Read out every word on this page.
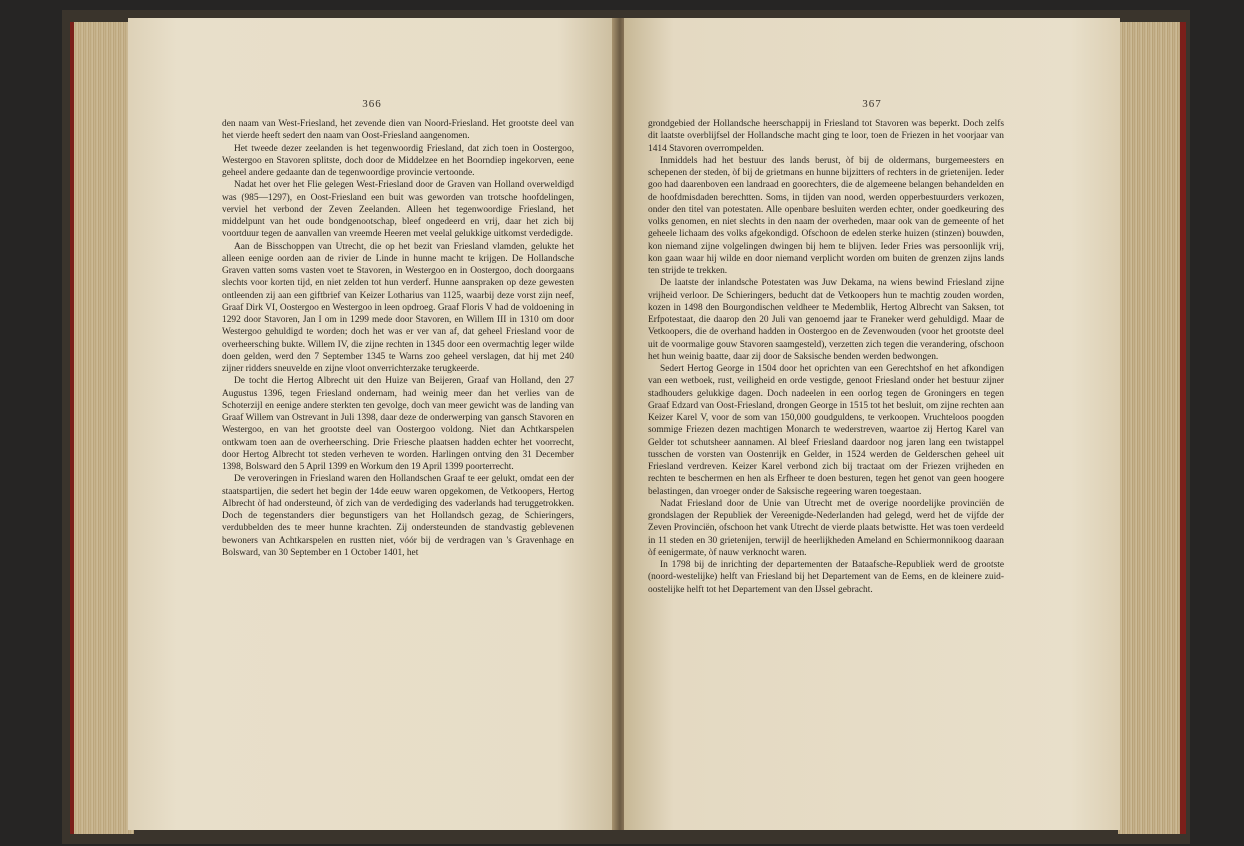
366

den naam van West-Friesland, het zevende dien van Noord-Friesland. Het grootste deel van het vierde heeft sedert den naam van Oost-Friesland aangenomen.

Het tweede dezer zeelanden is het tegenwoordig Friesland, dat zich toen in Oostergoo, Westergoo en Stavoren splitste, doch door de Middelzee en het Boorndiep ingekorven, eene geheel andere gedaante dan de tegenwoordige provincie vertoonde.

Nadat het over het Flie gelegen West-Friesland door de Graven van Holland overweldigd was (985—1297), en Oost-Friesland een buit was geworden van trotsche hoofdelingen, verviel het verbond der Zeven Zeelanden. Alleen het tegenwoordige Friesland, het middelpunt van het oude bondgenootschap, bleef ongedeerd en vrij, daar het zich bij voortduur tegen de aanvallen van vreemde Heeren met veelal gelukkige uitkomst verdedigde.

Aan de Bisschoppen van Utrecht, die op het bezit van Friesland vlamden, gelukte het alleen eenige oorden aan de rivier de Linde in hunne macht te krijgen. De Hollandsche Graven vatten soms vasten voet te Stavoren, in Westergoo en in Oostergoo, doch doorgaans slechts voor korten tijd, en niet zelden tot hun verderf. Hunne aanspraken op deze gewesten ontleenden zij aan een giftbrief van Keizer Lotharius van 1125, waarbij deze vorst zijn neef, Graaf Dirk VI, Oostergoo en Westergoo in leen opdroeg. Graaf Floris V had de voldoening in 1292 door Stavoren, Jan I om in 1299 mede door Stavoren, en Willem III in 1310 om door Westergoo gehuldigd te worden; doch het was er ver van af, dat geheel Friesland voor de overheersching bukte. Willem IV, die zijne rechten in 1345 door een overmachtig leger wilde doen gelden, werd den 7 September 1345 te Warns zoo geheel verslagen, dat hij met 240 zijner ridders sneuvelde en zijne vloot onverrichterzake terugkeerde.

De tocht die Hertog Albrecht uit den Huize van Beijeren, Graaf van Holland, den 27 Augustus 1396, tegen Friesland ondernam, had weinig meer dan het verlies van de Schoterzijl en eenige andere sterkten ten gevolge, doch van meer gewicht was de landing van Graaf Willem van Ostrevant in Juli 1398, daar deze de onderwerping van gansch Stavoren en Westergoo, en van het grootste deel van Oostergoo voldong. Niet dan Achtkarspelen ontkwam toen aan de overheersching. Drie Friesche plaatsen hadden echter het voorrecht, door Hertog Albrecht tot steden verheven te worden. Harlingen ontving den 31 December 1398, Bolsward den 5 April 1399 en Workum den 19 April 1399 poorterrecht.

De veroveringen in Friesland waren den Hollandschen Graaf te eer gelukt, omdat een der staatspartijen, die sedert het begin der 14de eeuw waren opgekomen, de Vetkoopers, Hertog Albrecht òf had ondersteund, òf zich van de verdediging des vaderlands had teruggetrokken. Doch de tegenstanders dier begunstigers van het Hollandsch gezag, de Schieringers, verdubbelden des te meer hunne krachten. Zij ondersteunden de standvastig geblevenen bewoners van Achtkarspelen en rustten niet, vóór bij de verdragen van 's Gravenhage en Bolsward, van 30 September en 1 October 1401, het

367

grondgebied der Hollandsche heerschappij in Friesland tot Stavoren was beperkt. Doch zelfs dit laatste overblijfsel der Hollandsche macht ging te loor, toen de Friezen in het voorjaar van 1414 Stavoren overrompelden.

Inmiddels had het bestuur des lands berust, òf bij de oldermans, burgemeesters en schepenen der steden, òf bij de grietmans en hunne bijzitters of rechters in de grietenijen. Ieder goo had daarenboven een landraad en goorechters, die de algemeene belangen behandelden en de hoofdmisdaden berechtten. Soms, in tijden van nood, werden opperbestuurders verkozen, onder den titel van potestaten. Alle openbare besluiten werden echter, onder goedkeuring des volks genomen, en niet slechts in den naam der overheden, maar ook van de gemeente of het geheele lichaam des volks afgekondigd. Ofschoon de edelen sterke huizen (stinzen) bouwden, kon niemand zijne volgelingen dwingen bij hem te blijven. Ieder Fries was persoonlijk vrij, kon gaan waar hij wilde en door niemand verplicht worden om buiten de grenzen zijns lands ten strijde te trekken.

De laatste der inlandsche Potestaten was Juw Dekama, na wiens bewind Friesland zijne vrijheid verloor. De Schieringers, beducht dat de Vetkoopers hun te machtig zouden worden, kozen in 1498 den Bourgondischen veldheer te Medemblik, Hertog Albrecht van Saksen, tot Erfpotestaat, die daarop den 20 Juli van genoemd jaar te Franeker werd gehuldigd. Maar de Vetkoopers, die de overhand hadden in Oostergoo en de Zevenwouden (voor het grootste deel uit de voormalige gouw Stavoren saamgesteld), verzetten zich tegen die verandering, ofschoon het hun weinig baatte, daar zij door de Saksische benden werden bedwongen.

Sedert Hertog George in 1504 door het oprichten van een Gerechtshof en het afkondigen van een wetboek, rust, veiligheid en orde vestigde, genoot Friesland onder het bestuur zijner stadhouders gelukkige dagen. Doch nadeelen in een oorlog tegen de Groningers en tegen Graaf Edzard van Oost-Friesland, drongen George in 1515 tot het besluit, om zijne rechten aan Keizer Karel V, voor de som van 150,000 goudguldens, te verkoopen. Vruchteloos poogden sommige Friezen dezen machtigen Monarch te wederstreven, waartoe zij Hertog Karel van Gelder tot schutsheer aannamen. Al bleef Friesland daardoor nog jaren lang een twistappel tusschen de vorsten van Oostenrijk en Gelder, in 1524 werden de Gelderschen geheel uit Friesland verdreven. Keizer Karel verbond zich bij tractaat om der Friezen vrijheden en rechten te beschermen en hen als Erfheer te doen besturen, tegen het genot van geen hoogere belastingen, dan vroeger onder de Saksische regeering waren toegestaan.

Nadat Friesland door de Unie van Utrecht met de overige noordelijke provinciën de grondslagen der Republiek der Vereenigde-Nederlanden had gelegd, werd het de vijfde der Zeven Provinciën, ofschoon het vank Utrecht de vierde plaats betwistte. Het was toen verdeeld in 11 steden en 30 grietenijen, terwijl de heerlijkheden Ameland en Schiermonnikoog daaraan òf eenigermate, òf nauw verknocht waren.

In 1798 bij de inrichting der departementen der Bataafsche-Republiek werd de grootste (noord-westelijke) helft van Friesland bij het Departement van de Eems, en de kleinere zuid-oostelijke helft tot het Departement van den IJssel gebracht.
